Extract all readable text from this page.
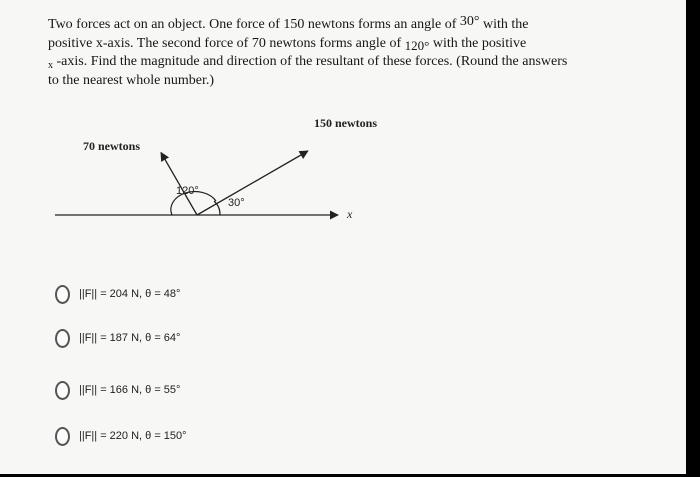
Two forces act on an object. One force of 150 newtons forms an angle of 30° with the
positive x-axis. The second force of 70 newtons forms angle of 120° with the positive
$_x$ -axis. Find the magnitude and direction of the resultant of these forces. (Round the answers
to the nearest whole number.)
150 newtons
70 newtons
120°
30°
x
||F|| = 204 N, θ = 48°
||F|| = 187 N, θ = 64°
||F|| = 166 N, θ = 55°
||F|| = 220 N, θ = 150°
